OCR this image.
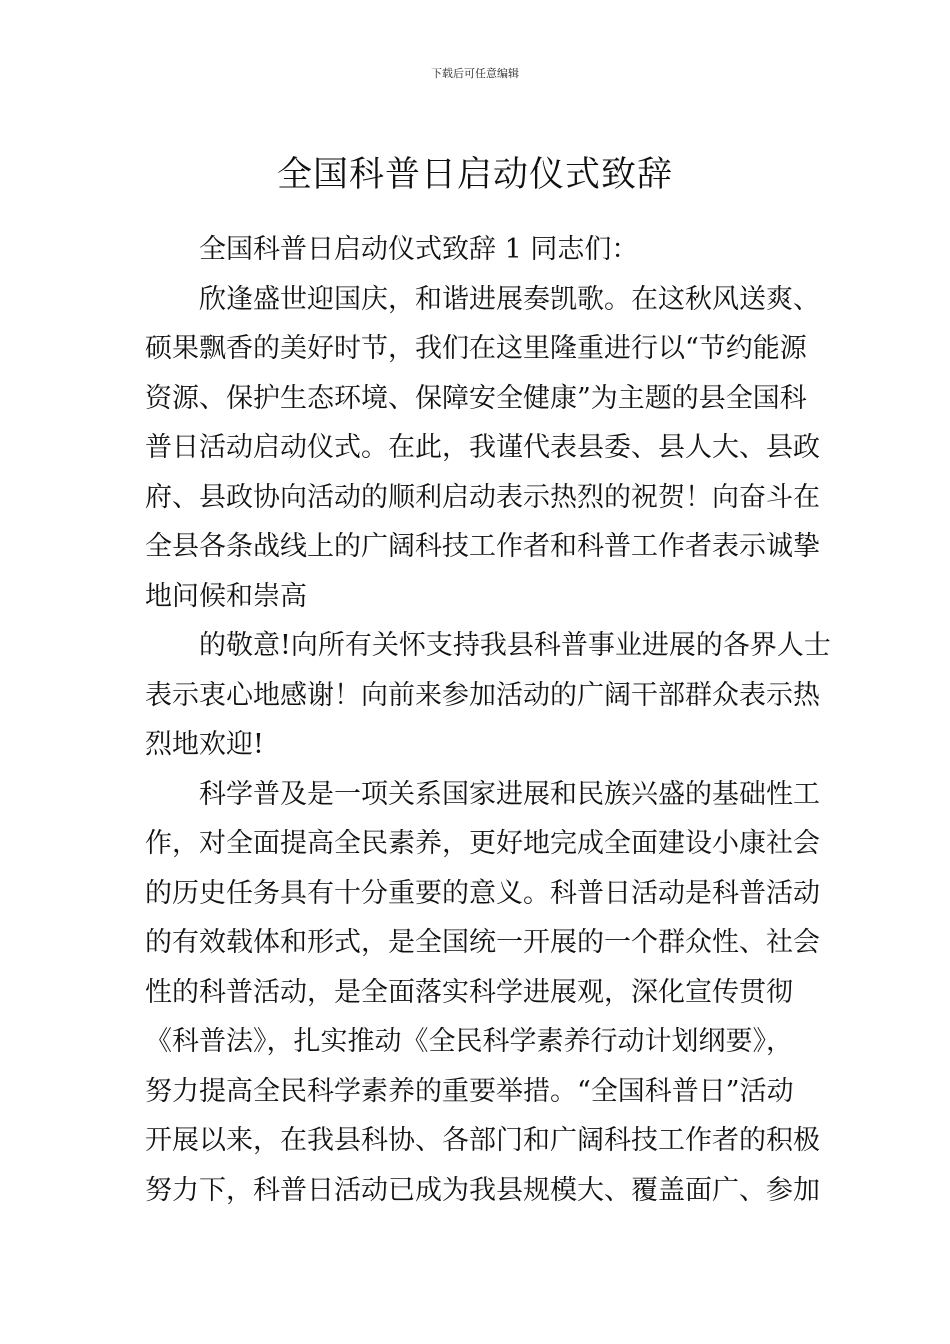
下载后可任意编辑
全国科普日启动仪式致辞

全国科普日启动仪式致辞 1 同志们：

欣逢盛世迎国庆，和谐进展奏凯歌。在这秋风送爽、
硕果飘香的美好时节，我们在这里隆重进行以“节约能源
资源、保护生态环境、保障安全健康”为主题的县全国科
普日活动启动仪式。在此，我谨代表县委、县人大、县政
府、县政协向活动的顺利启动表示热烈的祝贺！向奋斗在
全县各条战线上的广阔科技工作者和科普工作者表示诚挚
地问候和崇高

的敬意!向所有关怀支持我县科普事业进展的各界人士
表示衷心地感谢！向前来参加活动的广阔干部群众表示热
烈地欢迎!

科学普及是一项关系国家进展和民族兴盛的基础性工
作，对全面提高全民素养，更好地完成全面建设小康社会
的历史任务具有十分重要的意义。科普日活动是科普活动
的有效载体和形式，是全国统一开展的一个群众性、社会
性的科普活动，是全面落实科学进展观，深化宣传贯彻
《科普法》，扎实推动《全民科学素养行动计划纲要》，
努力提高全民科学素养的重要举措。“全国科普日”活动
开展以来，在我县科协、各部门和广阔科技工作者的积极
努力下，科普日活动已成为我县规模大、覆盖面广、参加
